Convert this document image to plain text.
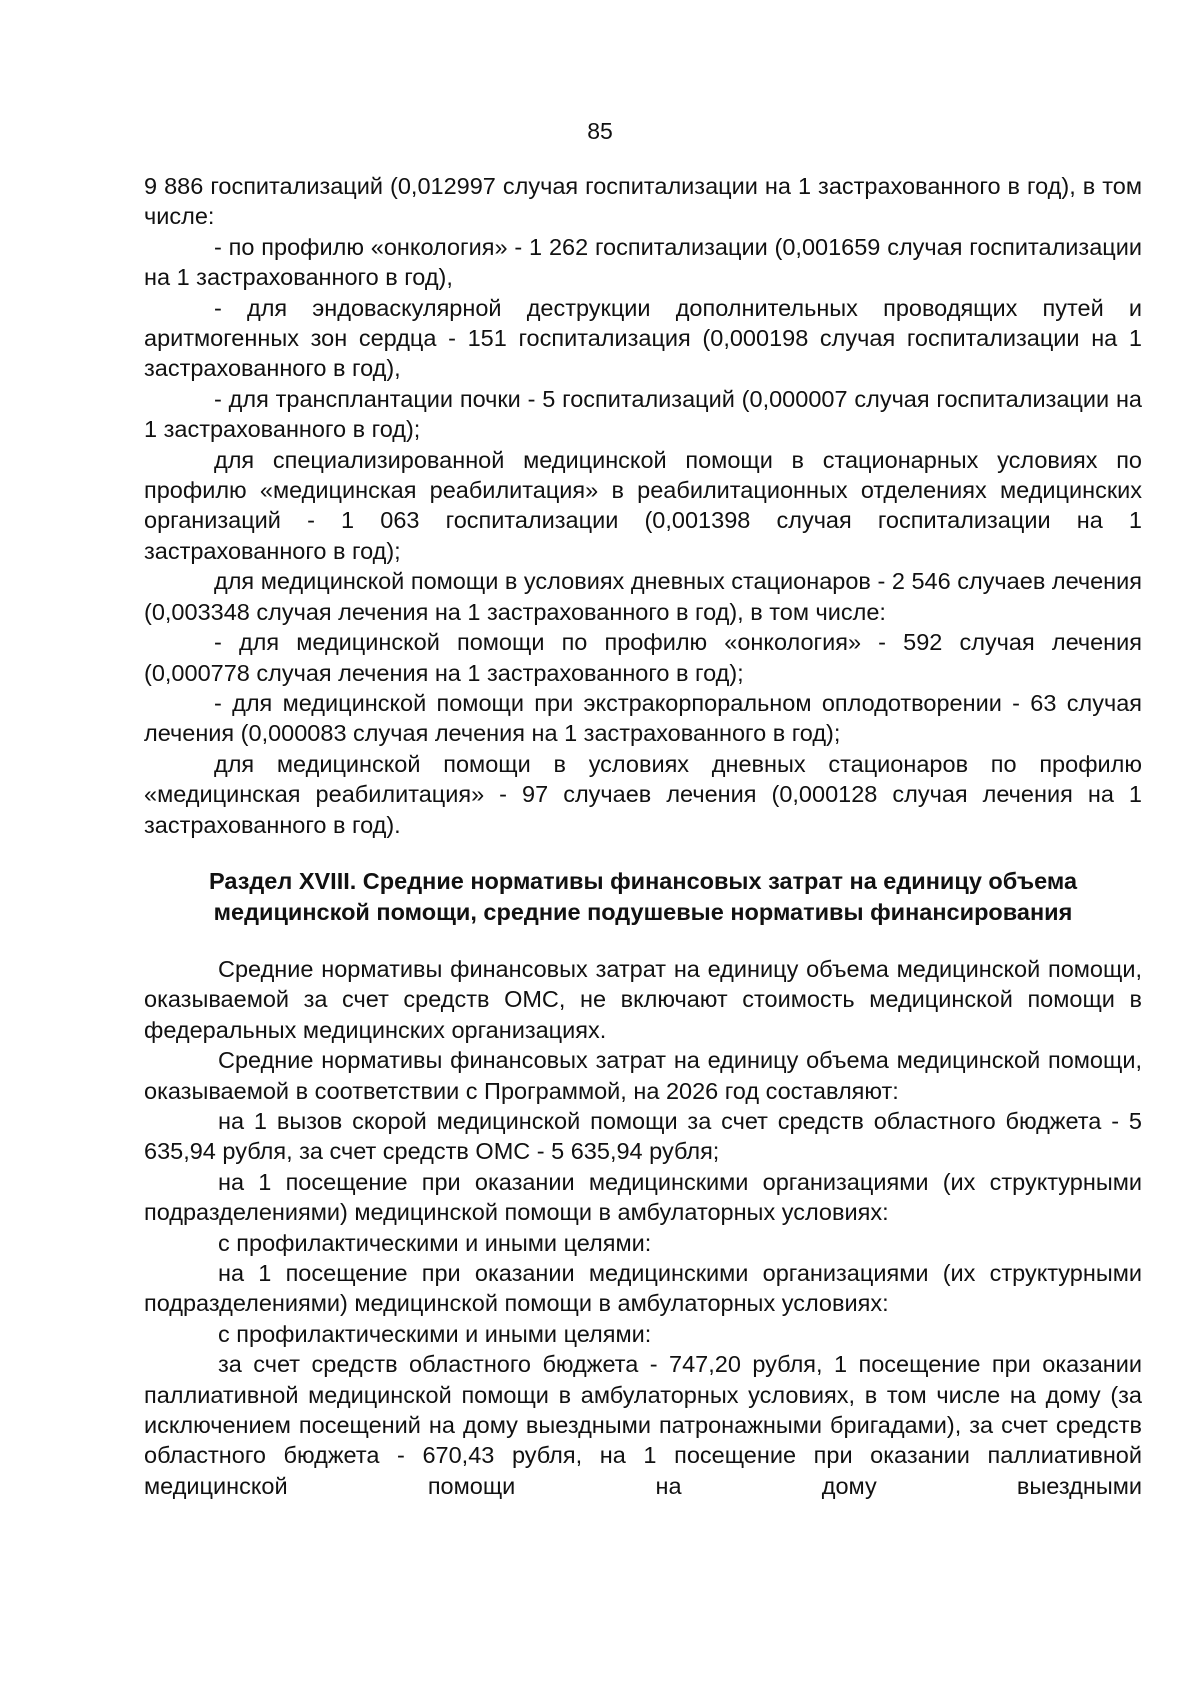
85

9 886 госпитализаций (0,012997 случая госпитализации на 1 застрахованного в год), в том числе:

- по профилю «онкология» - 1 262 госпитализации (0,001659 случая госпитализации на 1 застрахованного в год),

- для эндоваскулярной деструкции дополнительных проводящих путей и аритмогенных зон сердца - 151 госпитализация (0,000198 случая госпитализации на 1 застрахованного в год),

- для трансплантации почки - 5 госпитализаций (0,000007 случая госпитализации на 1 застрахованного в год);

для специализированной медицинской помощи в стационарных условиях по профилю «медицинская реабилитация» в реабилитационных отделениях медицинских организаций - 1 063 госпитализации (0,001398 случая госпитализации на 1 застрахованного в год);

для медицинской помощи в условиях дневных стационаров - 2 546 случаев лечения (0,003348 случая лечения на 1 застрахованного в год), в том числе:

- для медицинской помощи по профилю «онкология» - 592 случая лечения (0,000778 случая лечения на 1 застрахованного в год);

- для медицинской помощи при экстракорпоральном оплодотворении - 63 случая лечения (0,000083 случая лечения на 1 застрахованного в год);

для медицинской помощи в условиях дневных стационаров по профилю «медицинская реабилитация» - 97 случаев лечения (0,000128 случая лечения на 1 застрахованного в год).

Раздел XVIII. Средние нормативы финансовых затрат на единицу объема медицинской помощи, средние подушевые нормативы финансирования

Средние нормативы финансовых затрат на единицу объема медицинской помощи, оказываемой за счет средств ОМС, не включают стоимость медицинской помощи в федеральных медицинских организациях.

Средние нормативы финансовых затрат на единицу объема медицинской помощи, оказываемой в соответствии с Программой, на 2026 год составляют:

на 1 вызов скорой медицинской помощи за счет средств областного бюджета - 5 635,94 рубля, за счет средств ОМС - 5 635,94 рубля;

на 1 посещение при оказании медицинскими организациями (их структурными подразделениями) медицинской помощи в амбулаторных условиях:

с профилактическими и иными целями:

на 1 посещение при оказании медицинскими организациями (их структурными подразделениями) медицинской помощи в амбулаторных условиях:

с профилактическими и иными целями:

за счет средств областного бюджета - 747,20 рубля, 1 посещение при оказании паллиативной медицинской помощи в амбулаторных условиях, в том числе на дому (за исключением посещений на дому выездными патронажными бригадами), за счет средств областного бюджета - 670,43 рубля, на 1 посещение при оказании паллиативной медицинской помощи на дому выездными
